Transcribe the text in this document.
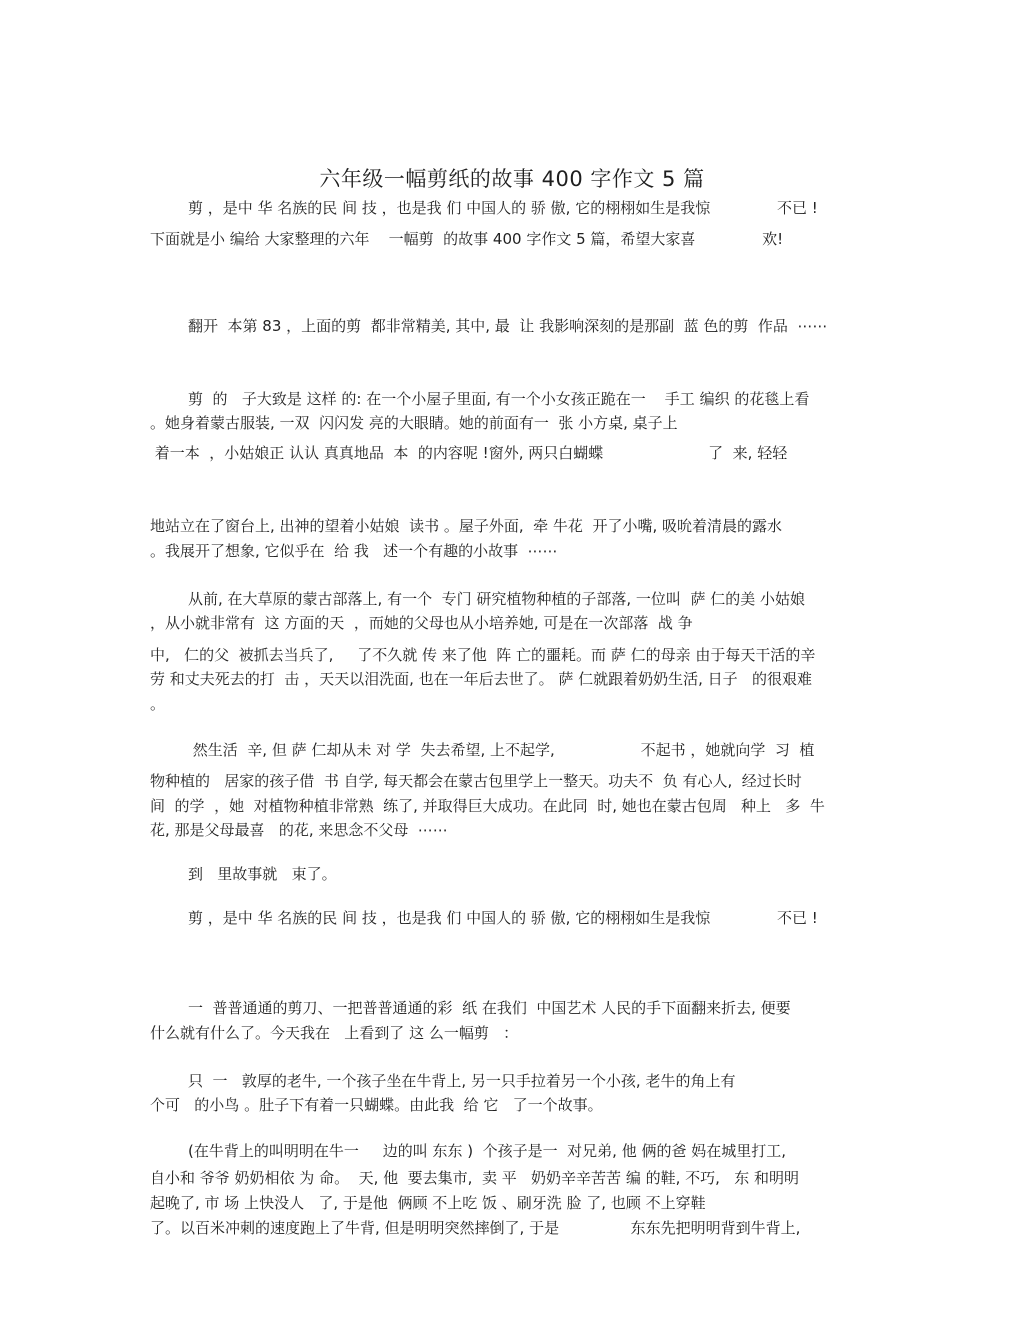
六年级一幅剪纸的故事 400 字作文 5 篇
剪 ，是中 华 名族的民 间 技 ，也是我 们 中国人的 骄 傲, 它的栩栩如生是我惊              不已 !
下面就是小 编给 大家整理的六年    一幅剪  的故事 400 字作文 5 篇，希望大家喜              欢!
翻开  本第 83 ，上面的剪  都非常精美, 其中, 最  让 我影响深刻的是那副  蓝 色的剪  作品  ⋯⋯
剪  的   子大致是 这样 的: 在一个小屋子里面, 有一个小女孩正跪在一    手工 编织 的花毯上看
。她身着蒙古服装, 一双  闪闪发 亮的大眼睛。她的前面有一  张 小方桌, 桌子上
着一本  ，小姑娘正 认认 真真地品  本  的内容呢 !窗外, 两只白蝴蝶                      了  来, 轻轻
地站立在了窗台上, 出神的望着小姑娘  读书 。屋子外面,  牵 牛花  开了小嘴, 吸吮着清晨的露水
。我展开了想象, 它似乎在  给 我   述一个有趣的小故事  ⋯⋯
从前, 在大草原的蒙古部落上, 有一个  专门 研究植物种植的子部落, 一位叫  萨 仁的美 小姑娘
，从小就非常有  这 方面的天  ，而她的父母也从小培养她, 可是在一次部落  战 争
中,   仁的父  被抓去当兵了,     了不久就 传 来了他  阵 亡的噩耗。而 萨 仁的母亲 由于每天干活的辛
劳 和丈夫死去的打  击 ，天天以泪洗面, 也在一年后去世了。 萨 仁就跟着奶奶生活, 日子   的很艰难
。
然生活  辛, 但 萨 仁却从未 对 学  失去希望, 上不起学,                  不起书 ，她就向学  习  植
物种植的   居家的孩子借  书 自学, 每天都会在蒙古包里学上一整天。功夫不  负 有心人,  经过长时
间  的学  ，她  对植物种植非常熟  练了, 并取得巨大成功。在此同  时, 她也在蒙古包周   种上   多  牛
花, 那是父母最喜   的花, 来思念不父母  ⋯⋯
到   里故事就   束了。
剪 ，是中 华 名族的民 间 技 ，也是我 们 中国人的 骄 傲, 它的栩栩如生是我惊              不已 !
一  普普通通的剪刀、一把普普通通的彩  纸 在我们  中国艺术 人民的手下面翻来折去, 便要
什么就有什么了。今天我在   上看到了 这 么一幅剪   ：
只  一   敦厚的老牛, 一个孩子坐在牛背上, 另一只手拉着另一个小孩, 老牛的角上有
个可   的小鸟 。肚子下有着一只蝴蝶。由此我  给 它   了一个故事。
(在牛背上的叫明明在牛一     边的叫 东东 )  个孩子是一  对兄弟, 他 俩的爸 妈在城里打工,
自小和 爷爷 奶奶相依 为 命。  天, 他  要去集市,  卖 平   奶奶辛辛苦苦 编 的鞋, 不巧,   东 和明明
起晚了, 市 场 上快没人   了, 于是他  俩顾 不上吃 饭 、刷牙洗 脸 了, 也顾 不上穿鞋
了。以百米冲刺的速度跑上了牛背, 但是明明突然摔倒了, 于是               东东先把明明背到牛背上,
